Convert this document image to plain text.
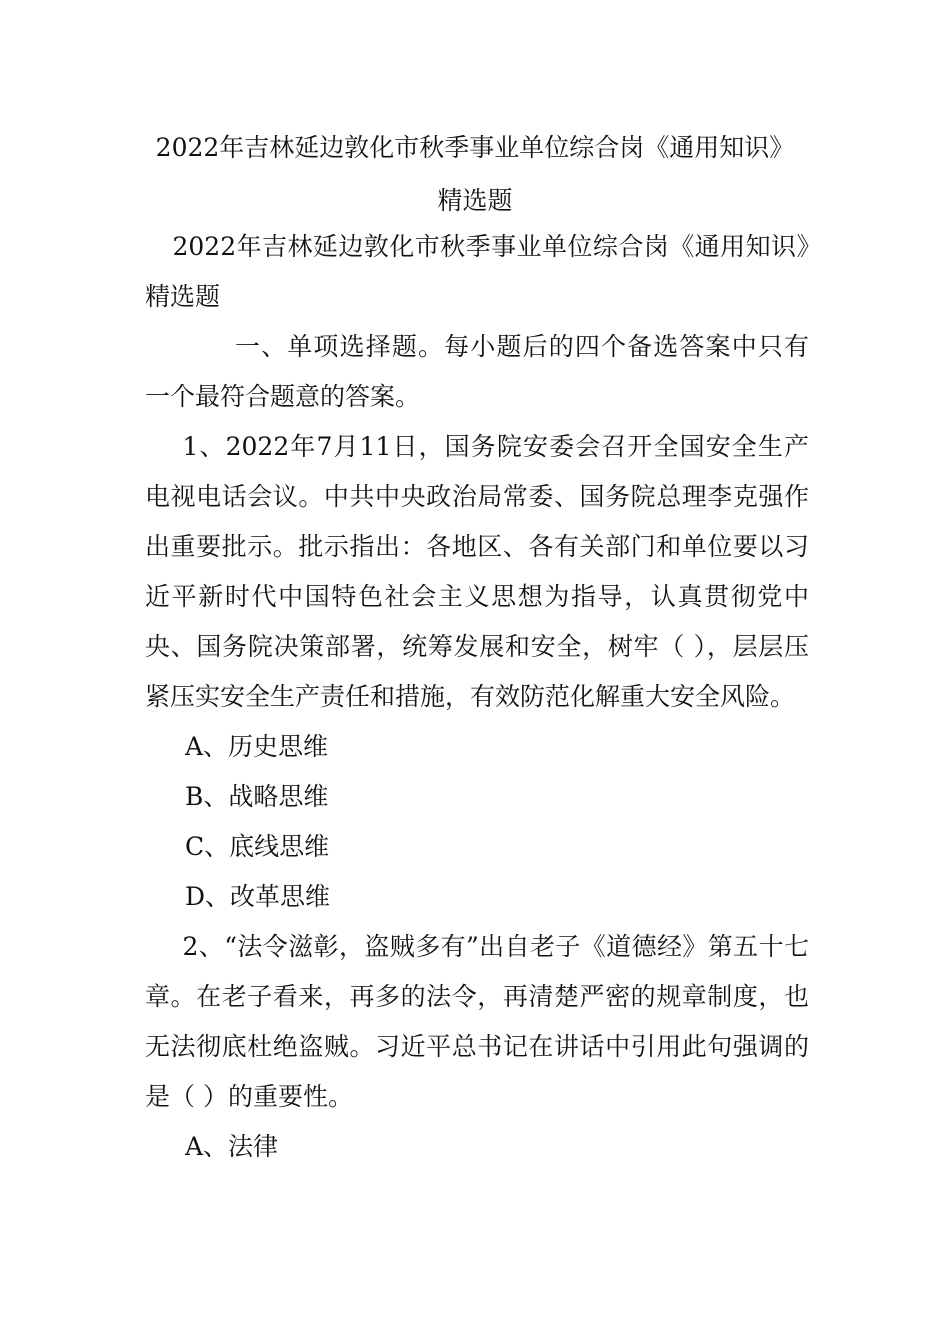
2022年吉林延边敦化市秋季事业单位综合岗《通用知识》
精选题

2022年吉林延边敦化市秋季事业单位综合岗《通用知识》精选题

一、单项选择题。每小题后的四个备选答案中只有一个最符合题意的答案。

1、2022年7月11日，国务院安委会召开全国安全生产电视电话会议。中共中央政治局常委、国务院总理李克强作出重要批示。批示指出：各地区、各有关部门和单位要以习近平新时代中国特色社会主义思想为指导，认真贯彻党中央、国务院决策部署，统筹发展和安全，树牢（ ），层层压紧压实安全生产责任和措施，有效防范化解重大安全风险。

A、历史思维

B、战略思维

C、底线思维

D、改革思维

2、“法令滋彰，盗贼多有”出自老子《道德经》第五十七章。在老子看来，再多的法令，再清楚严密的规章制度，也无法彻底杜绝盗贼。习近平总书记在讲话中引用此句强调的是（ ）的重要性。

A、法律
